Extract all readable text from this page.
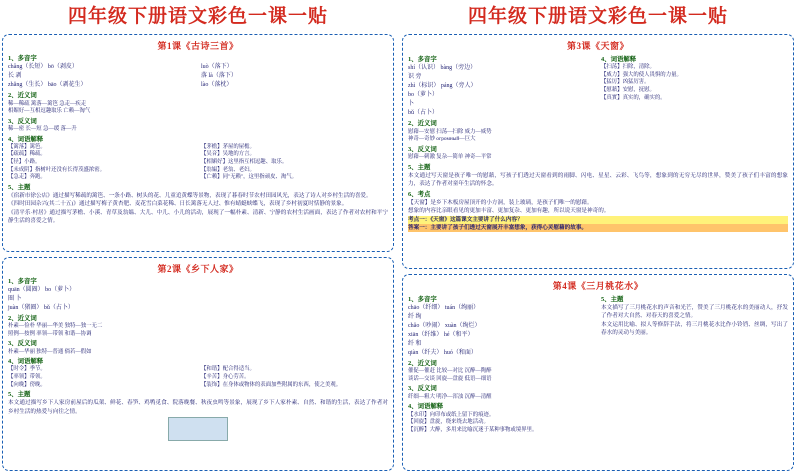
四年级下册语文彩色一课一贴
第1课《古诗三首》
1、多音字
châng（长短） bō（剥皮）
长 剥
zhăng（生长） bāo（剥花生）
luò（落下）
落 là（落下）
lào（落枕）
2、近义词
稀—稀疏 篱落—篱笆 急走—疾走
相媚好—互相逗趣取乐 亡赖—淘气
3、反义词
稀—密 长—短 急—缓 落—升
4、词语解释
【篱落】篱笆。
【疏疏】稀疏。
【径】小路。
【未成阴】指树叶还没有长得茂盛浓密。
【急走】奔跑。
【茅檐】茅屋的屋檐。
【吴音】吴地的方言。
【相媚好】这里指互相逗趣、取乐。
【翁媪】老翁、老妇。
【亡赖】同"无赖"，这里指顽皮、淘气。
5、主题
《宿新市徐公店》通过描写稀疏的篱笆、一条小路、树头的花、儿童追黄蝶等景物，表现了暮春时节农村田园风光，表达了诗人对乡村生活的喜爱。
《四时田园杂兴(其二十五)》通过描写梅子黄杏肥、麦花雪白菜花稀、日长篱落无人过、惟有蜻蜓蛱蝶飞，表现了乡村初夏时恬静的景象。
《清平乐·村居》通过描写茅檐、小溪、青草及翁媪、大儿、中儿、小儿的活动，展现了一幅朴素、清新、宁静的农村生活画面，表达了作者对农村和平宁静生活的喜爱之情。
第2课《乡下人家》
1、多音字
quān（圆圈） bo（萝卜）
圈 卜
juàn（猪圈） bǔ（占卜）
2、近义词
朴素—俭朴 华丽—华美 独特—独一无二
照例—按例 率领—带领 和谐—协调
3、反义词
朴素—华丽 独特—普通 倘若—假如
4、词语解释
【时令】季节。
【率领】带领。
【向晚】傍晚。
【和谐】配合得适当。
【辛苦】身心劳苦。
【装饰】在身体或物体的表面加些附属的东西，使之美观。
5、主题
本文通过描写乡下人家房前屋后的瓜架、鲜花、春笋、鸡鸭觅食、院落晚餐、秋夜虫鸣等景象，展现了乡下人家朴素、自然、和谐的生活，表达了作者对乡村生活的热爱与向往之情。
四年级下册语文彩色一课一贴
第3课《天窗》
1、多音字
shí（认识） bàng（旁边）
识 旁
zhì（标识） páng（旁人）
bo（萝卜）
卜
bǔ（占卜）
4、词语解释
【扫荡】扫除，清除。
【威力】强大的使人畏惧的力量。
【猛厉】凶猛厉害。
【慰藉】安慰，抚慰。
【真實】真实的，确实的。
2、近义词
慰藉—安慰 扫荡—扫除 威力—威势
神奇—奇妙 огромный—巨大
3、反义词
慰藉—刺激 复杂—简单 神奇—平常
5、主题
本文通过写天窗是孩子唯一的慰藉，写孩子们透过天窗看到的雨脚、闪电、星星、云彩、飞鸟等，想象到的无穷无尽的世界，赞美了孩子们丰富的想象力，表达了作者对童年生活的怀念。
6、考点
【天窗】是乡下木板房屋顶开的小方洞，装上玻璃，是孩子们唯一的慰藉。
想象的内容比亲眼看见的更加丰富、更加复杂、更加有趣，所以说天窗是神奇的。
考点一：《天窗》这篇课文主要讲了什么内容？
答案一：主要讲了孩子们透过天窗展开丰富想象，获得心灵慰藉的故事。
第4课《三月桃花水》
1、多音字
chāo（纤细） tuán（绚丽）
纤 绚
chǎo（吵闹） xuàn（绚烂）
xiān（纤维） hé（和平）
纤 和
qiàn（纤夫） huó（和面）
5、主题
本文描写了三月桃花水的声音和光芒，赞美了三月桃花水的美丽动人，抒发了作者对大自然、对春天的喜爱之情。
本文运用比喻、拟人等修辞手法，将三月桃花水比作小铃铛、丝绸，写出了春水的灵动与美丽。
2、近义词
催促—催赶 比较—对比 沉醉—陶醉
谈话—交谈 回旋—盘旋 低语—细语
3、反义词
纤细—粗大 明净—浑浊 沉醉—清醒
4、词语解释
【水印】向印布或纸上留下的痕迹。
【回旋】盘旋，绕来绕去地活动。
【沉醉】大醉，多用来比喻沉迷于某种事物或境界里。
